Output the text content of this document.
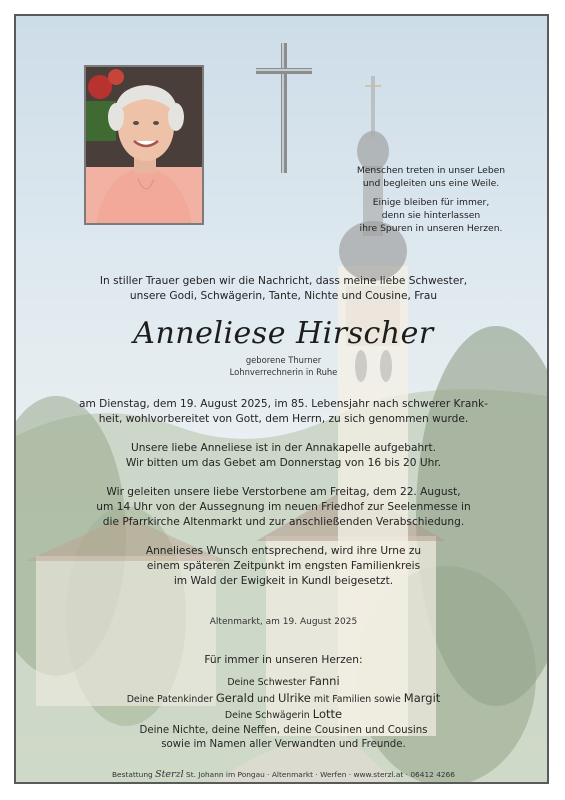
Menschen treten in unser Leben

und begleiten uns eine Weile.

Einige bleiben für immer,

denn sie hinterlassen

ihre Spuren in unseren Herzen.

In stiller Trauer geben wir die Nachricht, dass meine liebe Schwester,

unsere Godi, Schwägerin, Tante, Nichte und Cousine, Frau

Anneliese Hirscher
geborene Thurner
Lohnverrechnerin in Ruhe

am Dienstag, dem 19. August 2025, im 85. Lebensjahr nach schwerer Krank-

heit, wohlvorbereitet von Gott, dem Herrn, zu sich genommen wurde.

Unsere liebe Anneliese ist in der Annakapelle aufgebahrt.

Wir bitten um das Gebet am Donnerstag von 16 bis 20 Uhr.

Wir geleiten unsere liebe Verstorbene am Freitag, dem 22. August,

um 14 Uhr von der Aussegnung im neuen Friedhof zur Seelenmesse in

die Pfarrkirche Altenmarkt und zur anschließenden Verabschiedung.

Annelieses Wunsch entsprechend, wird ihre Urne zu

einem späteren Zeitpunkt im engsten Familienkreis

im Wald der Ewigkeit in Kundl beigesetzt.

Altenmarkt, am 19. August 2025
Für immer in unseren Herzen:

Deine Schwester Fanni

Deine Patenkinder Gerald und Ulrike mit Familien sowie Margit

Deine Schwägerin Lotte

Deine Nichte, deine Neffen, deine Cousinen und Cousins

sowie im Namen aller Verwandten und Freunde.

Bestattung Sterzl St. Johann im Pongau · Altenmarkt · Werfen · www.sterzl.at · 06412 4266
